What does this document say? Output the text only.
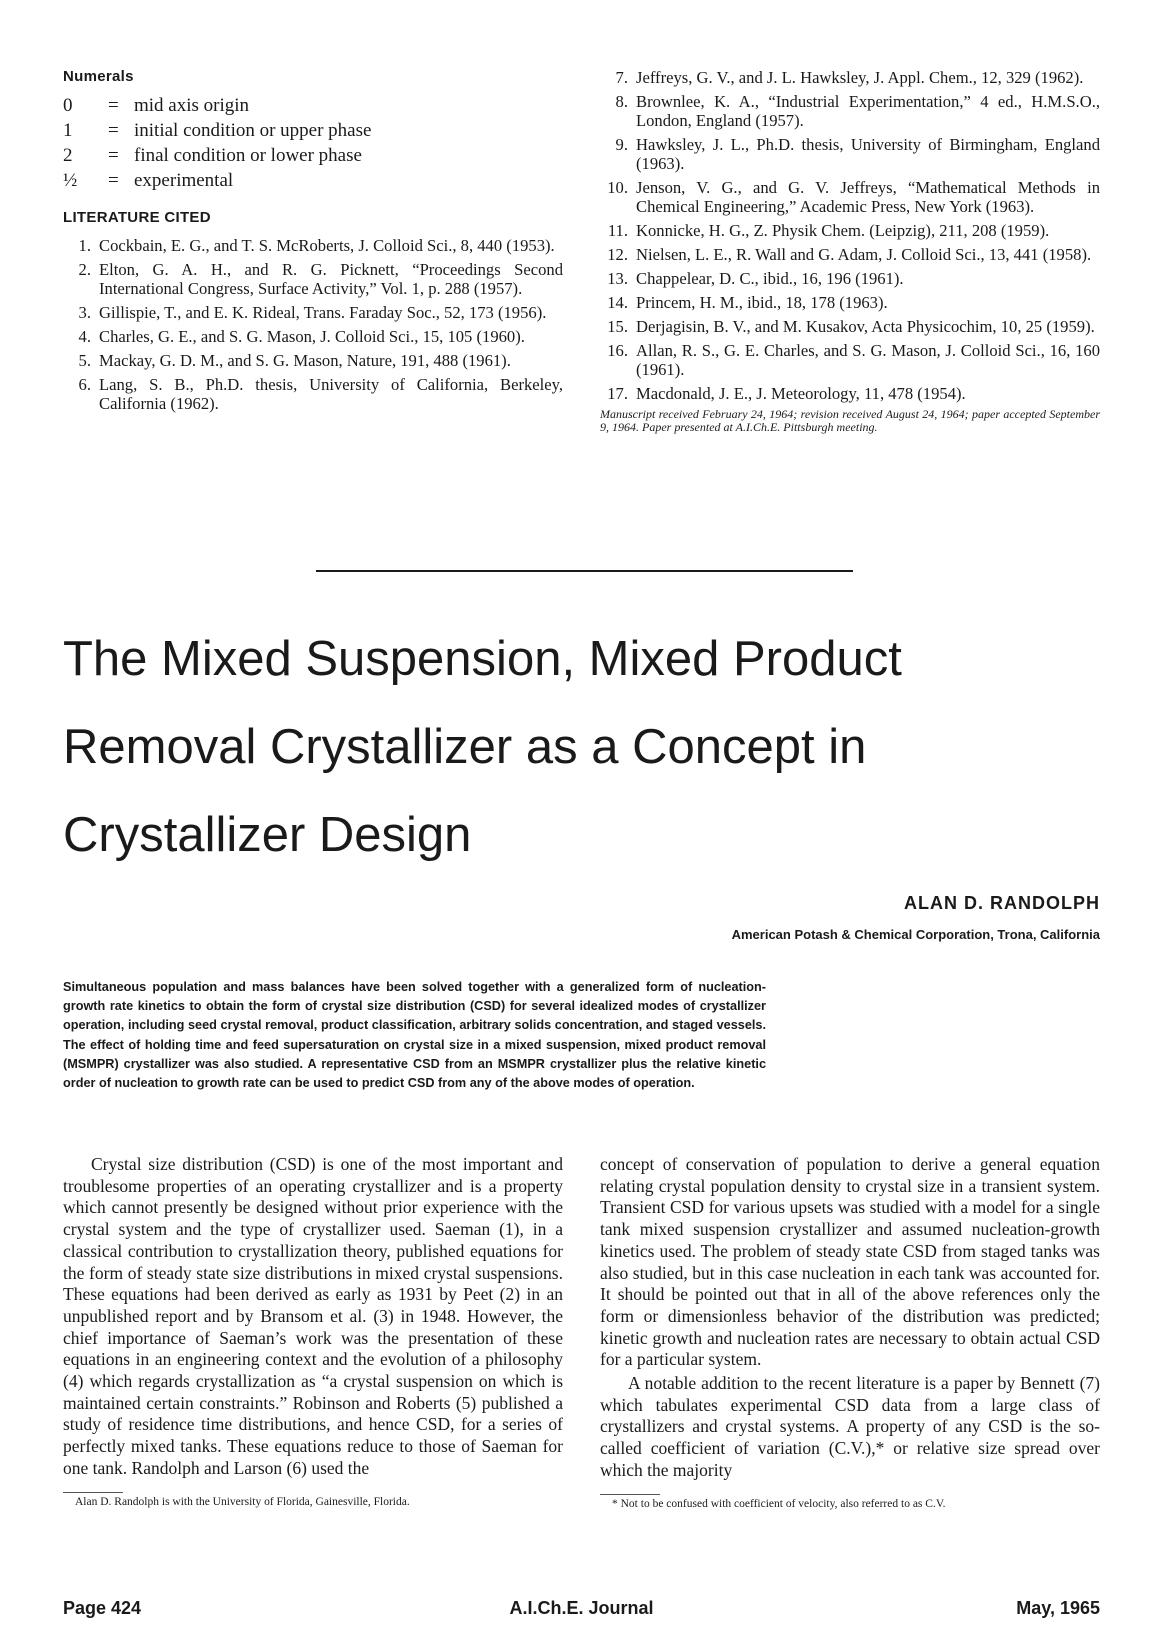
Numerals
0	= mid axis origin
1	= initial condition or upper phase
2	= final condition or lower phase
½	= experimental
LITERATURE CITED
1. Cockbain, E. G., and T. S. McRoberts, J. Colloid Sci., 8, 440 (1953).
2. Elton, G. A. H., and R. G. Picknett, “Proceedings Second International Congress, Surface Activity,” Vol. 1, p. 288 (1957).
3. Gillispie, T., and E. K. Rideal, Trans. Faraday Soc., 52, 173 (1956).
4. Charles, G. E., and S. G. Mason, J. Colloid Sci., 15, 105 (1960).
5. Mackay, G. D. M., and S. G. Mason, Nature, 191, 488 (1961).
6. Lang, S. B., Ph.D. thesis, University of California, Berkeley, California (1962).
7. Jeffreys, G. V., and J. L. Hawksley, J. Appl. Chem., 12, 329 (1962).
8. Brownlee, K. A., “Industrial Experimentation,” 4 ed., H.M.S.O., London, England (1957).
9. Hawksley, J. L., Ph.D. thesis, University of Birmingham, England (1963).
10. Jenson, V. G., and G. V. Jeffreys, “Mathematical Methods in Chemical Engineering,” Academic Press, New York (1963).
11. Konnicke, H. G., Z. Physik Chem. (Leipzig), 211, 208 (1959).
12. Nielsen, L. E., R. Wall and G. Adam, J. Colloid Sci., 13, 441 (1958).
13. Chappelear, D. C., ibid., 16, 196 (1961).
14. Princem, H. M., ibid., 18, 178 (1963).
15. Derjagisin, B. V., and M. Kusakov, Acta Physicochim, 10, 25 (1959).
16. Allan, R. S., G. E. Charles, and S. G. Mason, J. Colloid Sci., 16, 160 (1961).
17. Macdonald, J. E., J. Meteorology, 11, 478 (1954).

Manuscript received February 24, 1964; revision received August 24, 1964; paper accepted September 9, 1964. Paper presented at A.I.Ch.E. Pittsburgh meeting.

The Mixed Suspension, Mixed Product
Removal Crystallizer as a Concept in
Crystallizer Design
ALAN D. RANDOLPH
American Potash & Chemical Corporation, Trona, California

Simultaneous population and mass balances have been solved together with a generalized form of nucleation-growth rate kinetics to obtain the form of crystal size distribution (CSD) for several idealized modes of crystallizer operation, including seed crystal removal, product classification, arbitrary solids concentration, and staged vessels. The effect of holding time and feed supersaturation on crystal size in a mixed suspension, mixed product removal (MSMPR) crystallizer was also studied. A representative CSD from an MSMPR crystallizer plus the relative kinetic order of nucleation to growth rate can be used to predict CSD from any of the above modes of operation.

Crystal size distribution (CSD) is one of the most important and troublesome properties of an operating crystallizer and is a property which cannot presently be designed without prior experience with the crystal system and the type of crystallizer used. Saeman (1), in a classical contribution to crystallization theory, published equations for the form of steady state size distributions in mixed crystal suspensions. These equations had been derived as early as 1931 by Peet (2) in an unpublished report and by Bransom et al. (3) in 1948. However, the chief importance of Saeman’s work was the presentation of these equations in an engineering context and the evolution of a philosophy (4) which regards crystallization as “a crystal suspension on which is maintained certain constraints.” Robinson and Roberts (5) published a study of residence time distributions, and hence CSD, for a series of perfectly mixed tanks. These equations reduce to those of Saeman for one tank. Randolph and Larson (6) used the

Alan D. Randolph is with the University of Florida, Gainesville, Florida.

concept of conservation of population to derive a general equation relating crystal population density to crystal size in a transient system. Transient CSD for various upsets was studied with a model for a single tank mixed suspension crystallizer and assumed nucleation-growth kinetics used. The problem of steady state CSD from staged tanks was also studied, but in this case nucleation in each tank was accounted for. It should be pointed out that in all of the above references only the form or dimensionless behavior of the distribution was predicted; kinetic growth and nucleation rates are necessary to obtain actual CSD for a particular system.

A notable addition to the recent literature is a paper by Bennett (7) which tabulates experimental CSD data from a large class of crystallizers and crystal systems. A property of any CSD is the so-called coefficient of variation (C.V.),* or relative size spread over which the majority

* Not to be confused with coefficient of velocity, also referred to as C.V.

Page 424	A.I.Ch.E. Journal	May, 1965
